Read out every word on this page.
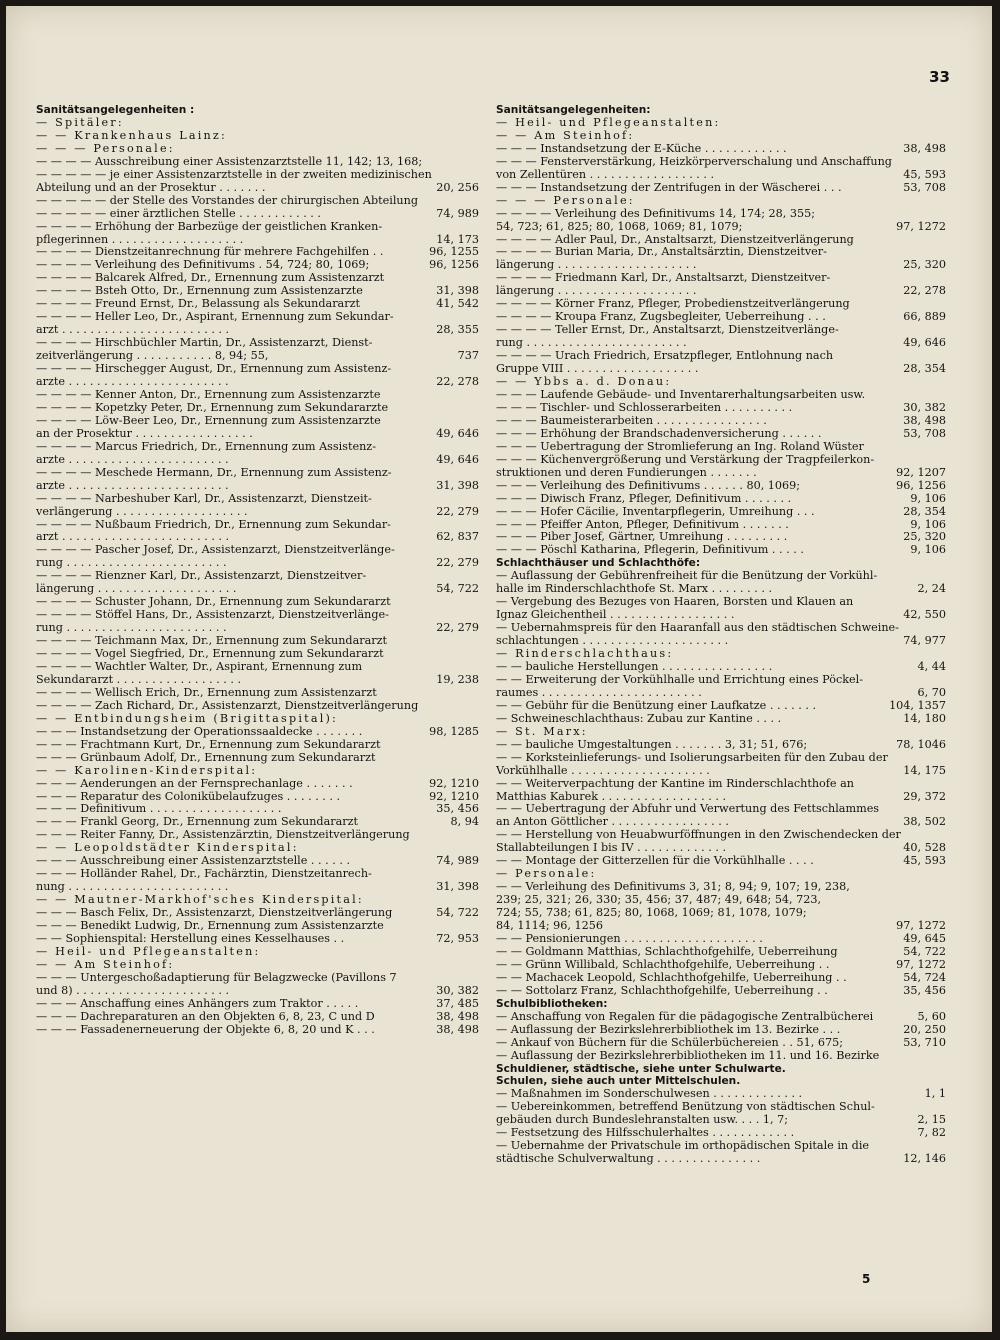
33
Sanitätsangelegenheiten :
— Spitäler:
— — Krankenhaus Lainz:
— — — Personale:
— — — — Ausschreibung einer Assistenzarztstelle 11, 142; 13, 168;
— — — — — je einer Assistenzarztstelle in der zweiten medizinischen
Abteilung und an der Prosektur . . . . . . .	20, 256
— — — — — der Stelle des Vorstandes der chirurgischen Abteilung
— — — — — einer ärztlichen Stelle . . . . . . . . . . . .	74, 989
— — — — Erhöhung der Barbezüge der geistlichen Kranken-
pflegerinnen . . . . . . . . . . . . . . . . . . .	14, 173
— — — — Dienstzeitanrechnung für mehrere Fachgehilfen . .	96, 1255
— — — — Verleihung des Definitivums . 54, 724; 80, 1069;	96, 1256
— — — — Balcarek Alfred, Dr., Ernennung zum Assistenzarzt
— — — — Bsteh Otto, Dr., Ernennung zum Assistenzarzte	31, 398
— — — — Freund Ernst, Dr., Belassung als Sekundararzt	41, 542
— — — — Heller Leo, Dr., Aspirant, Ernennung zum Sekundar-
arzt . . . . . . . . . . . . . . . . . . . . . . . .	28, 355
— — — — Hirschbüchler Martin, Dr., Assistenzarzt, Dienst-
zeitverlängerung . . . . . . . . . . . 8, 94; 55,	737
— — — — Hirschegger August, Dr., Ernennung zum Assistenz-
arzte . . . . . . . . . . . . . . . . . . . . . . .	22, 278
— — — — Kenner Anton, Dr., Ernennung zum Assistenzarzte
— — — — Kopetzky Peter, Dr., Ernennung zum Sekundararzte
— — — — Löw-Beer Leo, Dr., Ernennung zum Assistenzarzte
an der Prosektur . . . . . . . . . . . . . . . . .	49, 646
— — — — Marcus Friedrich, Dr., Ernennung zum Assistenz-
arzte . . . . . . . . . . . . . . . . . . . . . . .	49, 646
— — — — Meschede Hermann, Dr., Ernennung zum Assistenz-
arzte . . . . . . . . . . . . . . . . . . . . . . .	31, 398
— — — — Narbeshuber Karl, Dr., Assistenzarzt, Dienstzeit-
verlängerung . . . . . . . . . . . . . . . . . . .	22, 279
— — — — Nußbaum Friedrich, Dr., Ernennung zum Sekundar-
arzt . . . . . . . . . . . . . . . . . . . . . . . .	62, 837
— — — — Pascher Josef, Dr., Assistenzarzt, Dienstzeitverlänge-
rung . . . . . . . . . . . . . . . . . . . . . . .	22, 279
— — — — Rienzner Karl, Dr., Assistenzarzt, Dienstzeitver-
längerung . . . . . . . . . . . . . . . . . . . .	54, 722
— — — — Schuster Johann, Dr., Ernennung zum Sekundararzt
— — — — Stöffel Hans, Dr., Assistenzarzt, Dienstzeitverlänge-
rung . . . . . . . . . . . . . . . . . . . . . . .	22, 279
— — — — Teichmann Max, Dr., Ernennung zum Sekundararzt
— — — — Vogel Siegfried, Dr., Ernennung zum Sekundararzt
— — — — Wachtler Walter, Dr., Aspirant, Ernennung zum
Sekundararzt . . . . . . . . . . . . . . . . . .	19, 238
— — — — Wellisch Erich, Dr., Ernennung zum Assistenzarzt
— — — — Zach Richard, Dr., Assistenzarzt, Dienstzeitverlängerung
— — Entbindungsheim (Brigittaspital):
— — — Instandsetzung der Operationssaaldecke . . . . . . .	98, 1285
— — — Frachtmann Kurt, Dr., Ernennung zum Sekundararzt
— — — Grünbaum Adolf, Dr., Ernennung zum Sekundararzt
— — Karolinen-Kinderspital:
— — — Aenderungen an der Fernsprechanlage . . . . . . .	92, 1210
— — — Reparatur des Colonikübelaufzuges . . . . . . . .	92, 1210
— — — Definitivum . . . . . . . . . . . . . . . . . . .	35, 456
— — — Frankl Georg, Dr., Ernennung zum Sekundararzt	8, 94
— — — Reiter Fanny, Dr., Assistenzärztin, Dienstzeitverlängerung
— — Leopoldstädter Kinderspital:
— — — Ausschreibung einer Assistenzarztstelle . . . . . .	74, 989
— — — Holländer Rahel, Dr., Fachärztin, Dienstzeitanrech-
nung . . . . . . . . . . . . . . . . . . . . . . .	31, 398
— — Mautner-Markhof'sches Kinderspital:
— — — Basch Felix, Dr., Assistenzarzt, Dienstzeitverlängerung	54, 722
— — — Benedikt Ludwig, Dr., Ernennung zum Assistenzarzte
— — Sophienspital: Herstellung eines Kesselhauses . .	72, 953
— Heil- und Pflegeanstalten:
— — Am Steinhof:
— — — Untergeschoßadaptierung für Belagzwecke (Pavillons 7
und 8) . . . . . . . . . . . . . . . . . . . . . .	30, 382
— — — Anschaffung eines Anhängers zum Traktor . . . . .	37, 485
— — — Dachreparaturen an den Objekten 6, 8, 23, C und D	38, 498
— — — Fassadenerneuerung der Objekte 6, 8, 20 und K . . .	38, 498
Sanitätsangelegenheiten:
— Heil- und Pflegeanstalten:
— — Am Steinhof:
— — — Instandsetzung der E-Küche . . . . . . . . . . . .	38, 498
— — — Fensterverstärkung, Heizkörperverschalung und Anschaffung
von Zellentüren . . . . . . . . . . . . . . . . . .	45, 593
— — — Instandsetzung der Zentrifugen in der Wäscherei . . .	53, 708
— — — Personale:
— — — — Verleihung des Definitivums 14, 174; 28, 355;
54, 723; 61, 825; 80, 1068, 1069; 81, 1079;	97, 1272
— — — — Adler Paul, Dr., Anstaltsarzt, Dienstzeitverlängerung
— — — — Burian Maria, Dr., Anstaltsärztin, Dienstzeitver-
längerung . . . . . . . . . . . . . . . . . . . .	25, 320
— — — — Friedmann Karl, Dr., Anstaltsarzt, Dienstzeitver-
längerung . . . . . . . . . . . . . . . . . . . .	22, 278
— — — — Körner Franz, Pfleger, Probedienstzeitverlängerung
— — — — Kroupa Franz, Zugsbegleiter, Ueberreihung . . .	66, 889
— — — — Teller Ernst, Dr., Anstaltsarzt, Dienstzeitverlänge-
rung . . . . . . . . . . . . . . . . . . . . . . .	49, 646
— — — — Urach Friedrich, Ersatzpfleger, Entlohnung nach
Gruppe VIII . . . . . . . . . . . . . . . . . . .	28, 354
— — Ybbs a. d. Donau:
— — — Laufende Gebäude- und Inventarerhaltungsarbeiten usw.
— — — Tischler- und Schlosserarbeiten . . . . . . . . . .	30, 382
— — — Baumeisterarbeiten . . . . . . . . . . . . . . . .	38, 498
— — — Erhöhung der Brandschadenversicherung . . . . . .	53, 708
— — — Uebertragung der Stromlieferung an Ing. Roland Wüster
— — — Küchenvergrößerung und Verstärkung der Tragpfeilerkon-
struktionen und deren Fundierungen . . . . . . .	92, 1207
— — — Verleihung des Definitivums . . . . . . 80, 1069;	96, 1256
— — — Diwisch Franz, Pfleger, Definitivum . . . . . . .	9, 106
— — — Hofer Cäcilie, Inventarpflegerin, Umreihung . . .	28, 354
— — — Pfeiffer Anton, Pfleger, Definitivum . . . . . . .	9, 106
— — — Piber Josef, Gärtner, Umreihung . . . . . . . . .	25, 320
— — — Pöschl Katharina, Pflegerin, Definitivum . . . . .	9, 106
Schlachthäuser und Schlachthöfe:
— Auflassung der Gebührenfreiheit für die Benützung der Vorkühl-
halle im Rinderschlachthofe St. Marx . . . . . . . . .	2, 24
— Vergebung des Bezuges von Haaren, Borsten und Klauen an
Ignaz Gleichentheil . . . . . . . . . . . . . . . . . .	42, 550
— Uebernahmspreis für den Haaranfall aus den städtischen Schweine-
schlachtungen . . . . . . . . . . . . . . . . . . . . .	74, 977
— Rinderschlachthaus:
— — bauliche Herstellungen . . . . . . . . . . . . . . . .	4, 44
— — Erweiterung der Vorkühlhalle und Errichtung eines Pöckel-
raumes . . . . . . . . . . . . . . . . . . . . . . .	6, 70
— — Gebühr für die Benützung einer Laufkatze . . . . . . .	104, 1357
— Schweineschlachthaus: Zubau zur Kantine . . . .	14, 180
— St. Marx:
— — bauliche Umgestaltungen . . . . . . . 3, 31; 51, 676;	78, 1046
— — Korksteinlieferungs- und Isolierungsarbeiten für den Zubau der
Vorkühlhalle . . . . . . . . . . . . . . . . . . . .	14, 175
— — Weiterverpachtung der Kantine im Rinderschlachthofe an
Matthias Kaburek . . . . . . . . . . . . . . . . . .	29, 372
— — Uebertragung der Abfuhr und Verwertung des Fettschlammes
an Anton Göttlicher . . . . . . . . . . . . . . . . .	38, 502
— — Herstellung von Heuabwurföffnungen in den Zwischendecken der
Stallabteilungen I bis IV . . . . . . . . . . . . .	40, 528
— — Montage der Gitterzellen für die Vorkühlhalle . . . .	45, 593
— Personale:
— — Verleihung des Definitivums 3, 31; 8, 94; 9, 107; 19, 238,
239; 25, 321; 26, 330; 35, 456; 37, 487; 49, 648; 54, 723,
724; 55, 738; 61, 825; 80, 1068, 1069; 81, 1078, 1079;
84, 1114; 96, 1256	97, 1272
— — Pensionierungen . . . . . . . . . . . . . . . . . . . .	49, 645
— — Goldmann Matthias, Schlachthofgehilfe, Ueberreihung	54, 722
— — Grünn Willibald, Schlachthofgehilfe, Ueberreihung . .	97, 1272
— — Machacek Leopold, Schlachthofgehilfe, Ueberreihung . .	54, 724
— — Sottolarz Franz, Schlachthofgehilfe, Ueberreihung . .	35, 456
Schulbibliotheken:
— Anschaffung von Regalen für die pädagogische Zentralbücherei	5, 60
— Auflassung der Bezirkslehrerbibliothek im 13. Bezirke . . .	20, 250
— Ankauf von Büchern für die Schülerbüchereien . . 51, 675;	53, 710
— Auflassung der Bezirkslehrerbibliotheken im 11. und 16. Bezirke
Schuldiener, städtische, siehe unter Schulwarte.
Schulen, siehe auch unter Mittelschulen.
— Maßnahmen im Sonderschulwesen . . . . . . . . . . . . .	1, 1
— Uebereinkommen, betreffend Benützung von städtischen Schul-
gebäuden durch Bundeslehranstalten usw. . . . 1, 7;	2, 15
— Festsetzung des Hilfsschulerhaltes . . . . . . . . . . . .	7, 82
— Uebernahme der Privatschule im orthopädischen Spitale in die
städtische Schulverwaltung . . . . . . . . . . . . . . .	12, 146
5
